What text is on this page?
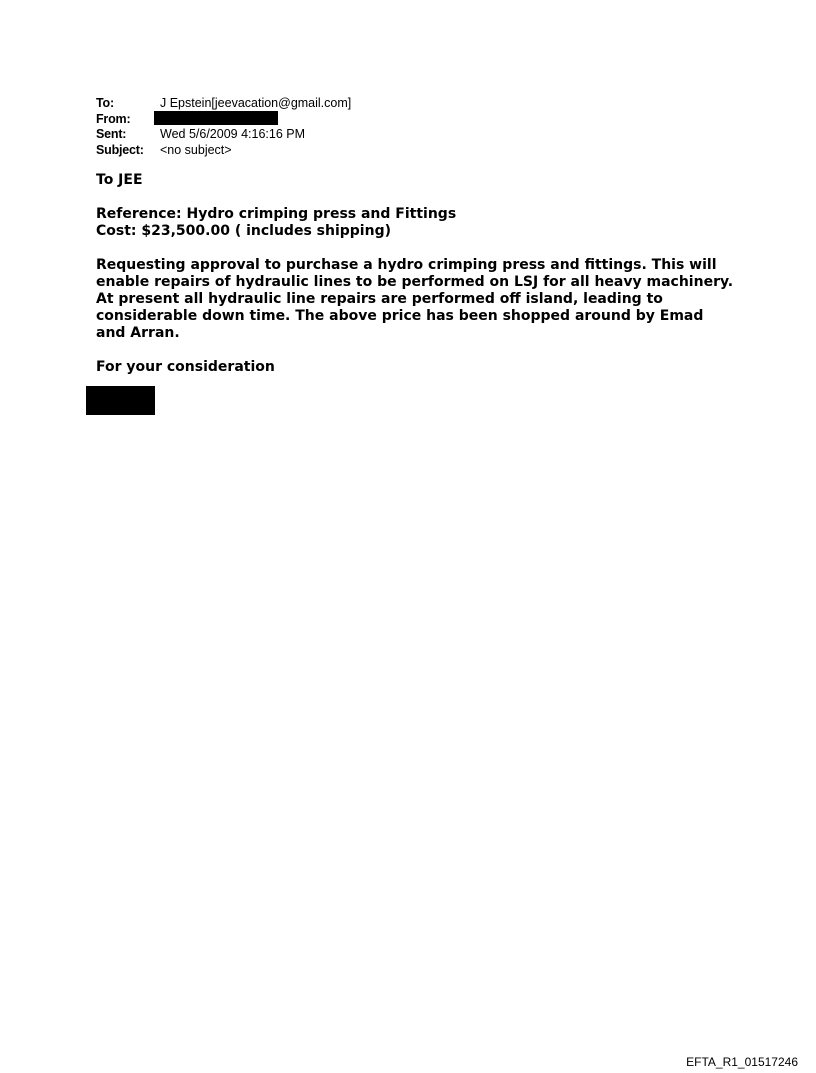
To:	J Epstein[jeevacation@gmail.com]
From:
Sent:	Wed 5/6/2009 4:16:16 PM
Subject:	<no subject>

To JEE

Reference: Hydro crimping press and Fittings
Cost: $23,500.00 ( includes shipping)

Requesting approval to purchase a hydro crimping press and fittings. This will enable repairs of hydraulic lines to be performed on LSJ for all heavy machinery. At present all hydraulic line repairs are performed off island, leading to considerable down time. The above price has been shopped around by Emad and Arran.

For your consideration

EFTA_R1_01517246
